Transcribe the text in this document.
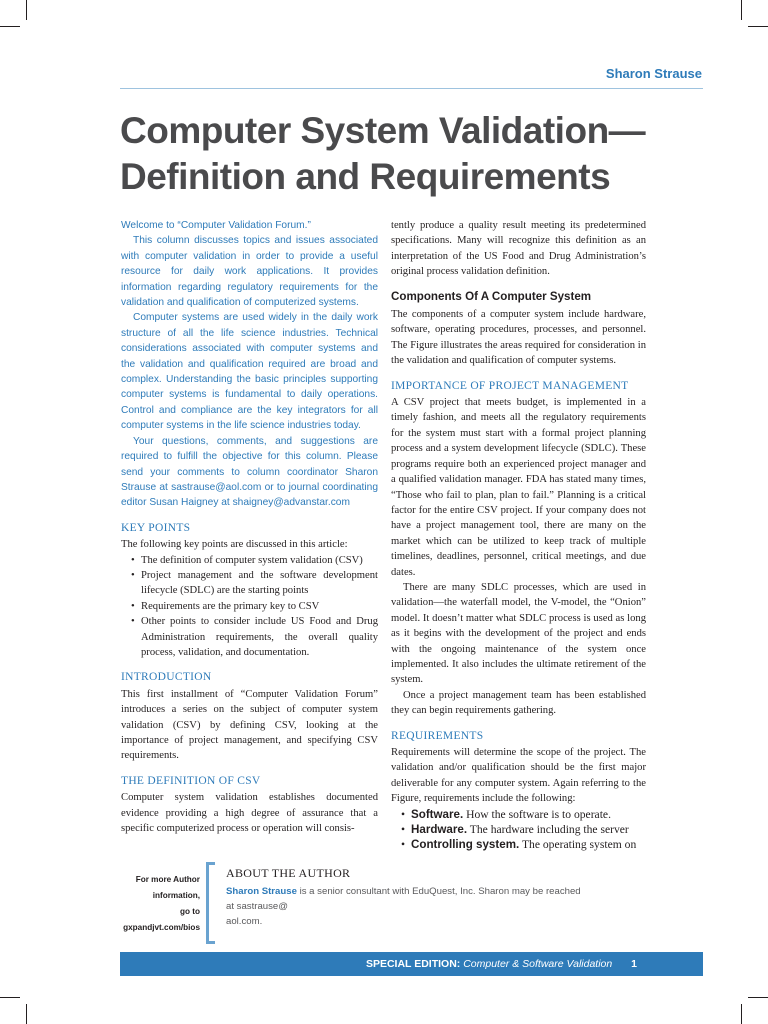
Sharon Strause
Computer System Validation—
Definition and Requirements

Welcome to “Computer Validation Forum.”

This column discusses topics and issues associated with computer validation in order to provide a useful resource for daily work applications. It provides information regarding regulatory requirements for the validation and qualification of computerized systems.

Computer systems are used widely in the daily work structure of all the life science industries. Technical considerations associated with computer systems and the validation and qualification required are broad and complex. Understanding the basic principles supporting computer systems is fundamental to daily operations. Control and compliance are the key integrators for all computer systems in the life science industries today.

Your questions, comments, and suggestions are required to fulfill the objective for this column. Please send your comments to column coordinator Sharon Strause at sastrause@aol.com or to journal coordinating editor Susan Haigney at shaigney@advanstar.com

KEY POINTS

The following key points are discussed in this article:

• The definition of computer system validation (CSV)
• Project management and the software development lifecycle (SDLC) are the starting points
• Requirements are the primary key to CSV
• Other points to consider include US Food and Drug Administration requirements, the overall quality process, validation, and documentation.
INTRODUCTION

This first installment of “Computer Validation Forum” introduces a series on the subject of computer system validation (CSV) by defining CSV, looking at the importance of project management, and specifying CSV requirements.

THE DEFINITION OF CSV

Computer system validation establishes documented evidence providing a high degree of assurance that a specific computerized process or operation will consis-

tently produce a quality result meeting its predetermined specifications. Many will recognize this definition as an interpretation of the US Food and Drug Administration’s original process validation definition.

Components Of A Computer System

The components of a computer system include hardware, software, operating procedures, processes, and personnel. The Figure illustrates the areas required for consideration in the validation and qualification of computer systems.

IMPORTANCE OF PROJECT MANAGEMENT

A CSV project that meets budget, is implemented in a timely fashion, and meets all the regulatory requirements for the system must start with a formal project planning process and a system development lifecycle (SDLC). These programs require both an experienced project manager and a qualified validation manager. FDA has stated many times, “Those who fail to plan, plan to fail.” Planning is a critical factor for the entire CSV project. If your company does not have a project management tool, there are many on the market which can be utilized to keep track of multiple timelines, deadlines, personnel, critical meetings, and due dates.

There are many SDLC processes, which are used in validation—the waterfall model, the V-model, the “Onion” model. It doesn’t matter what SDLC process is used as long as it begins with the development of the project and ends with the ongoing maintenance of the system once implemented. It also includes the ultimate retirement of the system.

Once a project management team has been established they can begin requirements gathering.

REQUIREMENTS

Requirements will determine the scope of the project. The validation and/or qualification should be the first major deliverable for any computer system. Again referring to the Figure, requirements include the following:

• Software. How the software is to operate.
• Hardware. The hardware including the server
• Controlling system. The operating system on
For more Author
information,
go to
gxpandjvt.com/bios
ABOUT THE AUTHOR
Sharon Strause is a senior consultant with EduQuest, Inc. Sharon may be reached at sastrause@
aol.com.
SPECIAL EDITION: Computer & Software Validation 1
